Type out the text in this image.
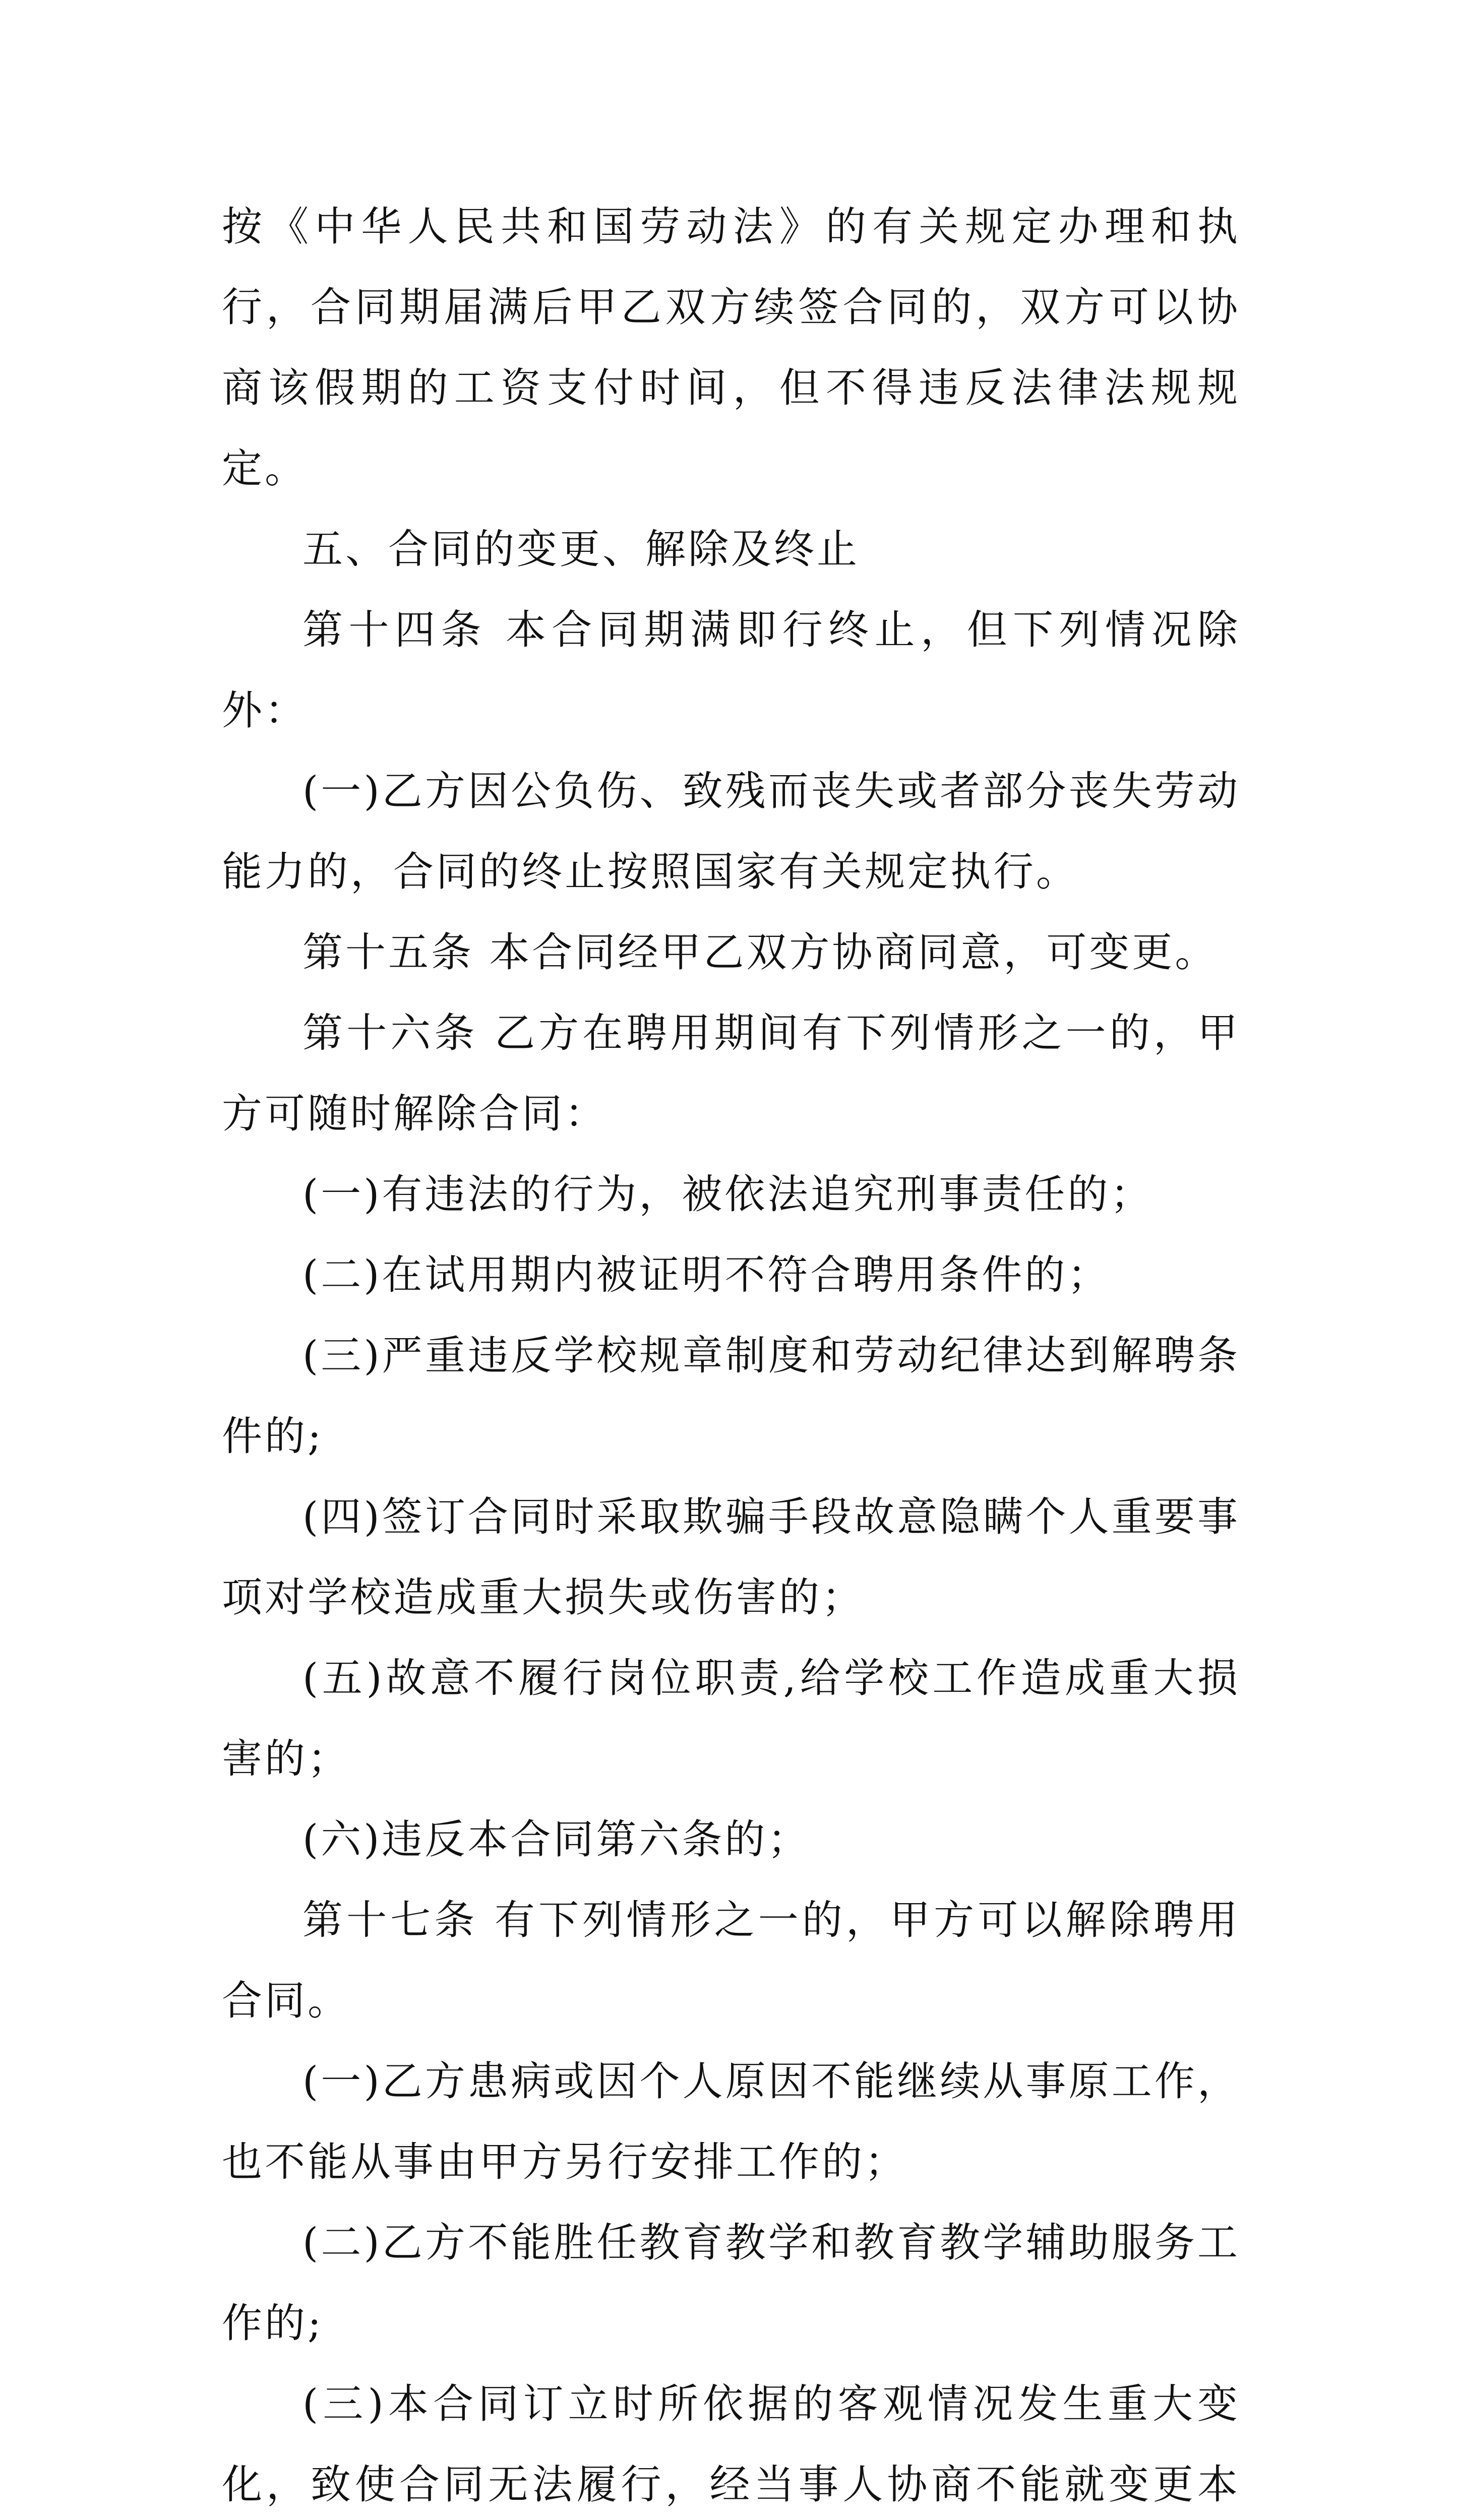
按《中华人民共和国劳动法》的有关规定办理和执行，合同期届满后甲乙双方续签合同的，双方可以协商该假期的工资支付时间，但不得违反法律法规规定。

五、合同的变更、解除及终止

第十四条 本合同期满即行终止，但下列情况除外：

(一)乙方因公负伤、致残而丧失或者部分丧失劳动能力的，合同的终止按照国家有关规定执行。

第十五条 本合同经甲乙双方协商同意，可变更。

第十六条 乙方在聘用期间有下列情形之一的，甲方可随时解除合同：

(一)有违法的行为，被依法追究刑事责任的；

(二)在试用期内被证明不符合聘用条件的；

(三)严重违反学校规章制度和劳动纪律达到解聘条件的;

(四)签订合同时采取欺骗手段故意隐瞒个人重要事项对学校造成重大损失或伤害的；

(五)故意不履行岗位职责,给学校工作造成重大损害的；

(六)违反本合同第六条的；

第十七条 有下列情形之一的，甲方可以解除聘用合同。

(一)乙方患病或因个人原因不能继续从事原工作，也不能从事由甲方另行安排工作的；

(二)乙方不能胜任教育教学和教育教学辅助服务工作的;

(三)本合同订立时所依据的客观情况发生重大变化，致使合同无法履行，经当事人协商不能就变更本
